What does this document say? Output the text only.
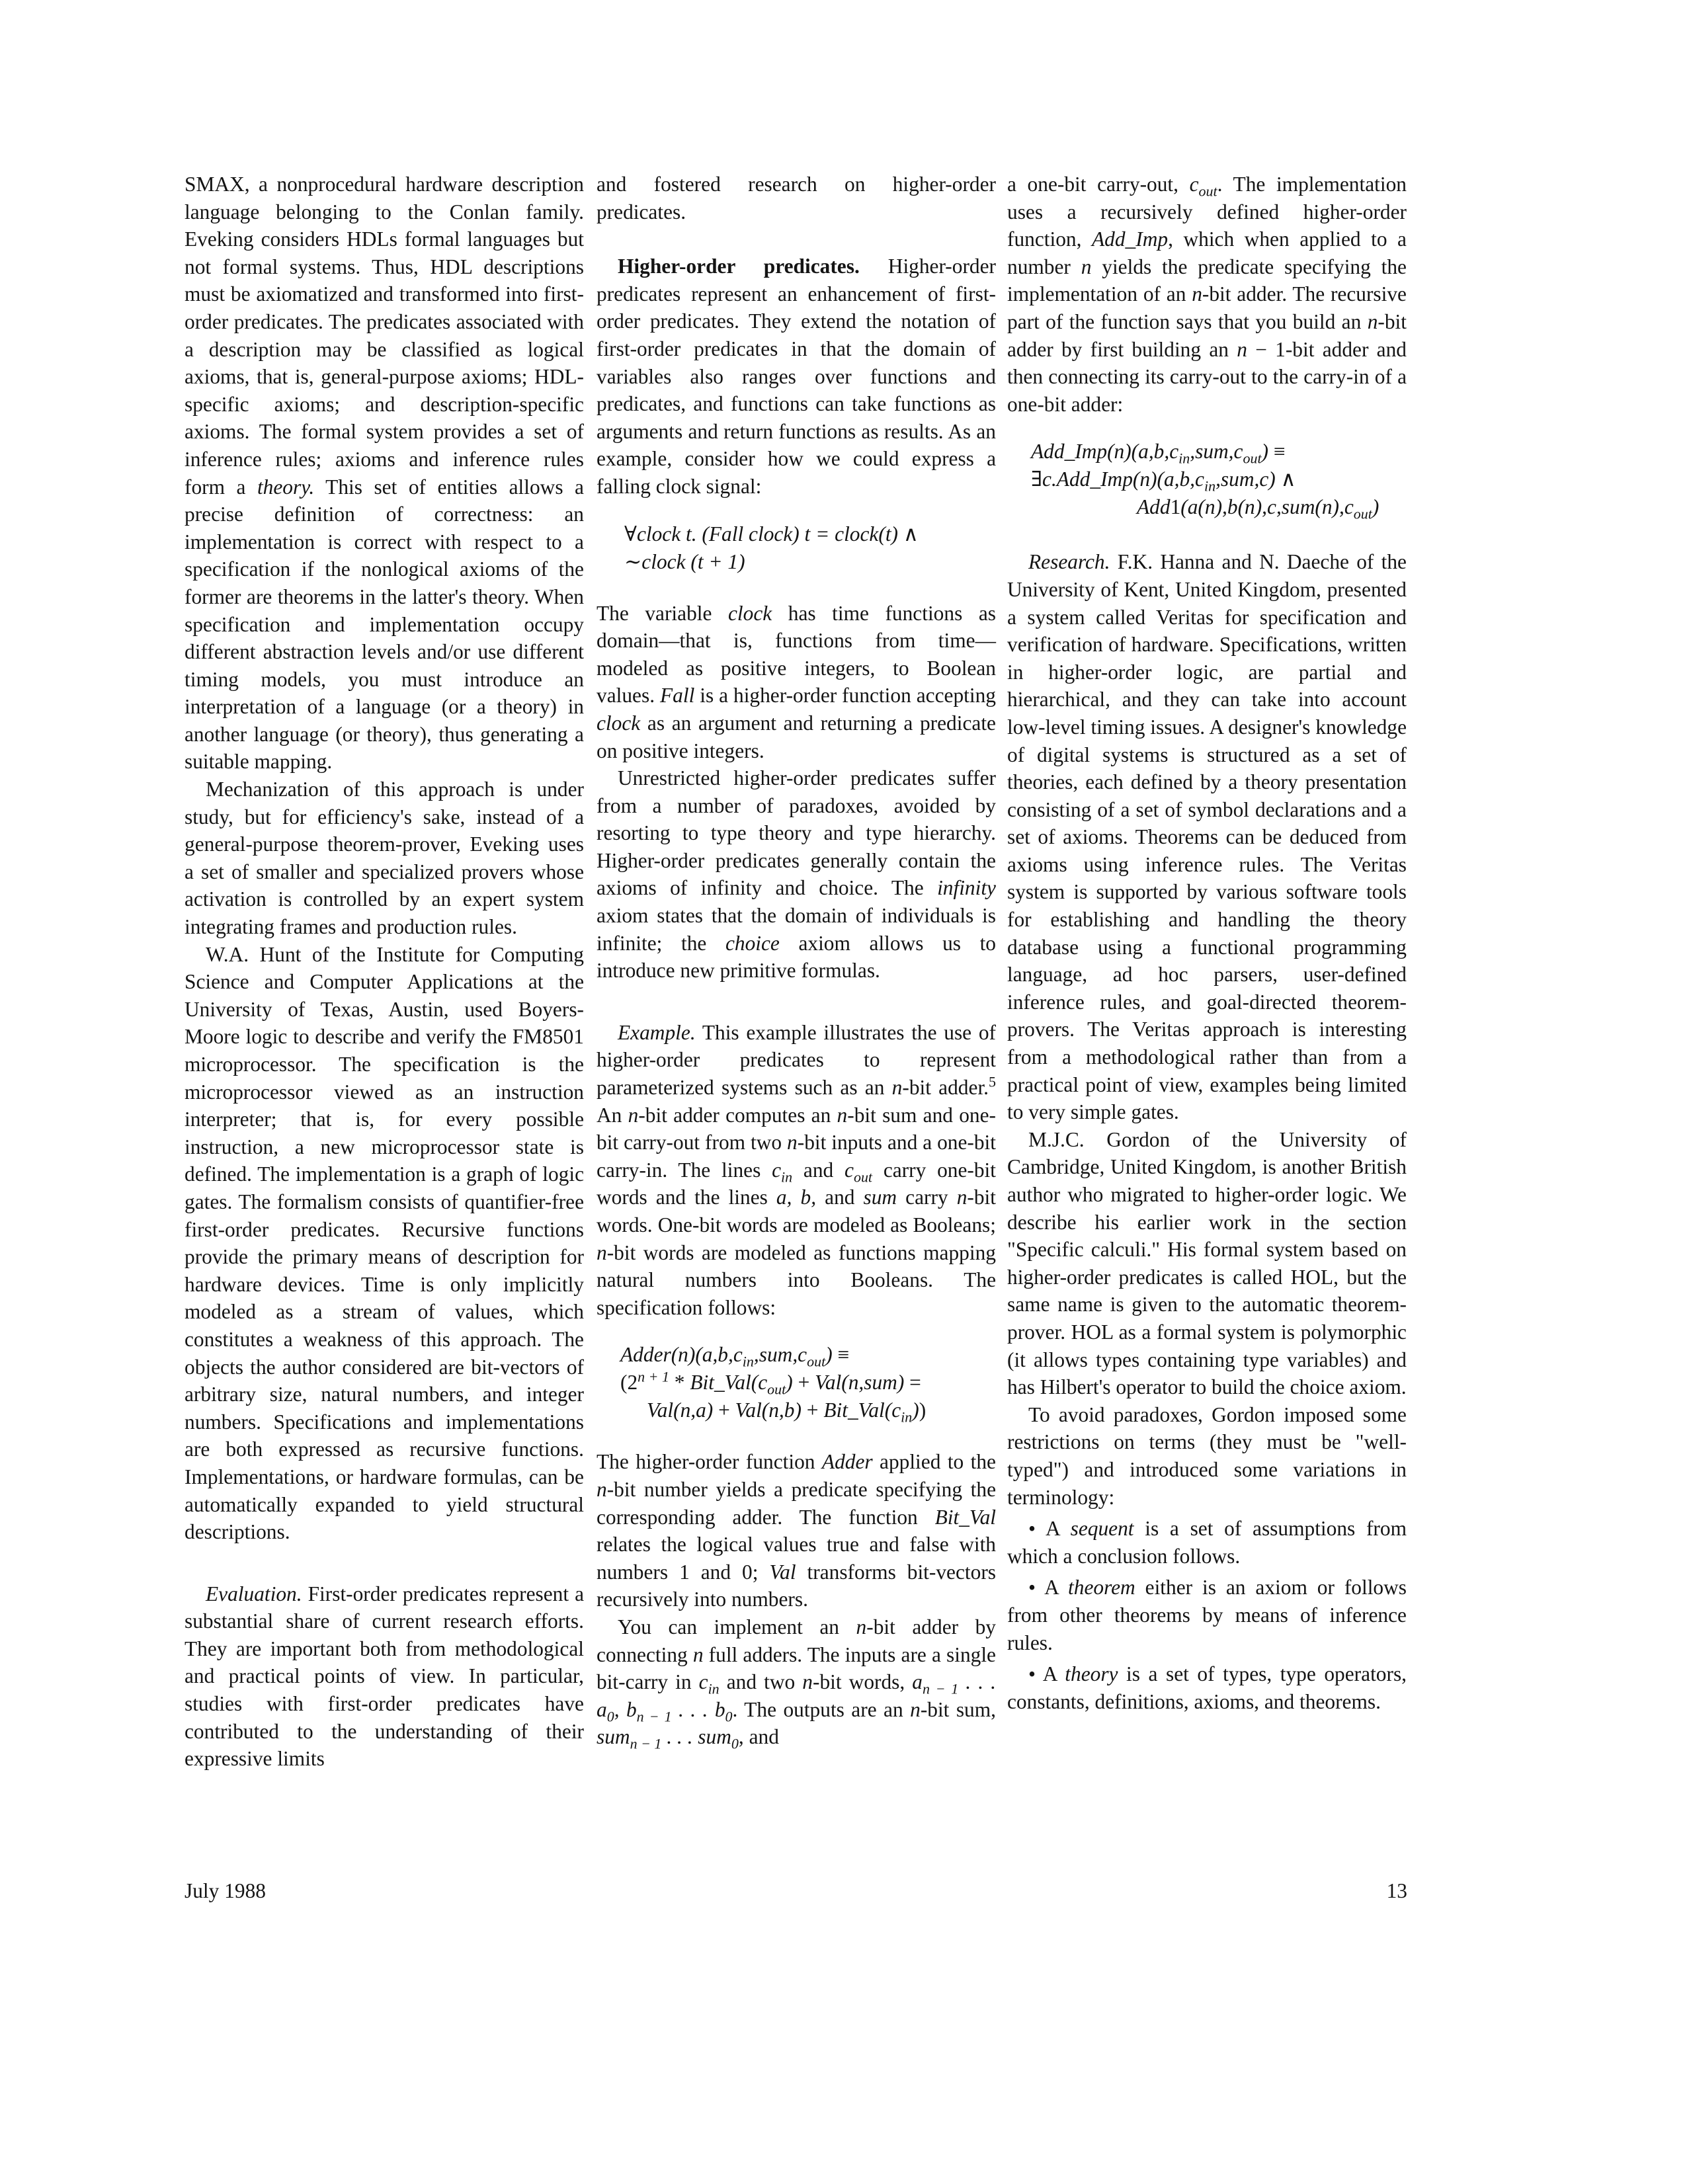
SMAX, a nonprocedural hardware description language belonging to the Conlan family. Eveking considers HDLs formal languages but not formal systems. Thus, HDL descriptions must be axiomatized and transformed into first-order predicates. The predicates associated with a description may be classified as logical axioms, that is, general-purpose axioms; HDL-specific axioms; and description-specific axioms. The formal system provides a set of inference rules; axioms and inference rules form a theory. This set of entities allows a precise definition of correctness: an implementation is correct with respect to a specification if the nonlogical axioms of the former are theorems in the latter's theory. When specification and implementation occupy different abstraction levels and/or use different timing models, you must introduce an interpretation of a language (or a theory) in another language (or theory), thus generating a suitable mapping.

Mechanization of this approach is under study, but for efficiency's sake, instead of a general-purpose theorem-prover, Eveking uses a set of smaller and specialized provers whose activation is controlled by an expert system integrating frames and production rules.

W.A. Hunt of the Institute for Computing Science and Computer Applications at the University of Texas, Austin, used Boyers-Moore logic to describe and verify the FM8501 microprocessor. The specification is the microprocessor viewed as an instruction interpreter; that is, for every possible instruction, a new microprocessor state is defined. The implementation is a graph of logic gates. The formalism consists of quantifier-free first-order predicates. Recursive functions provide the primary means of description for hardware devices. Time is only implicitly modeled as a stream of values, which constitutes a weakness of this approach. The objects the author considered are bit-vectors of arbitrary size, natural numbers, and integer numbers. Specifications and implementations are both expressed as recursive functions. Implementations, or hardware formulas, can be automatically expanded to yield structural descriptions.

Evaluation. First-order predicates represent a substantial share of current research efforts. They are important both from methodological and practical points of view. In particular, studies with first-order predicates have contributed to the understanding of their expressive limits

and fostered research on higher-order predicates.

Higher-order predicates. Higher-order predicates represent an enhancement of first-order predicates. They extend the notation of first-order predicates in that the domain of variables also ranges over functions and predicates, and functions can take functions as arguments and return functions as results. As an example, consider how we could express a falling clock signal:

∀clock t. (Fall clock) t = clock(t) ∧
∼clock (t + 1)

The variable clock has time functions as domain—that is, functions from time—modeled as positive integers, to Boolean values. Fall is a higher-order function accepting clock as an argument and returning a predicate on positive integers.

Unrestricted higher-order predicates suffer from a number of paradoxes, avoided by resorting to type theory and type hierarchy. Higher-order predicates generally contain the axioms of infinity and choice. The infinity axiom states that the domain of individuals is infinite; the choice axiom allows us to introduce new primitive formulas.

Example. This example illustrates the use of higher-order predicates to represent parameterized systems such as an n-bit adder.$^5$ An n-bit adder computes an n-bit sum and one-bit carry-out from two n-bit inputs and a one-bit carry-in. The lines $c_{in}$ and $c_{out}$ carry one-bit words and the lines a, b, and sum carry n-bit words. One-bit words are modeled as Booleans; n-bit words are modeled as functions mapping natural numbers into Booleans. The specification follows:

$Adder(n)(a,b,c_{in},sum,c_{out})$ ≡
($2^{n + 1}$ * $Bit\_Val(c_{out}) + Val(n,sum)$ =
$Val(n,a) + Val(n,b) + Bit\_Val(c_{in})$)

The higher-order function Adder applied to the n-bit number yields a predicate specifying the corresponding adder. The function Bit_Val relates the logical values true and false with numbers 1 and 0; Val transforms bit-vectors recursively into numbers.

You can implement an n-bit adder by connecting n full adders. The inputs are a single bit-carry in $c_{in}$ and two n-bit words, $a_{n - 1}$ . . . $a_0$, $b_{n - 1}$ . . . $b_0$. The outputs are an n-bit sum, sum$_{n - 1}$ . . . sum$_0$, and

a one-bit carry-out, $c_{out}$. The implementation uses a recursively defined higher-order function, Add_Imp, which when applied to a number n yields the predicate specifying the implementation of an n-bit adder. The recursive part of the function says that you build an n-bit adder by first building an n − 1-bit adder and then connecting its carry-out to the carry-in of a one-bit adder:

$Add\_Imp(n)(a,b,c_{in},sum,c_{out})$ ≡
$\exists c.Add\_Imp(n)(a,b,c_{in},sum,c)$ ∧
$Add1(a(n),b(n),c,sum(n),c_{out})$

Research. F.K. Hanna and N. Daeche of the University of Kent, United Kingdom, presented a system called Veritas for specification and verification of hardware. Specifications, written in higher-order logic, are partial and hierarchical, and they can take into account low-level timing issues. A designer's knowledge of digital systems is structured as a set of theories, each defined by a theory presentation consisting of a set of symbol declarations and a set of axioms. Theorems can be deduced from axioms using inference rules. The Veritas system is supported by various software tools for establishing and handling the theory database using a functional programming language, ad hoc parsers, user-defined inference rules, and goal-directed theorem-provers. The Veritas approach is interesting from a methodological rather than from a practical point of view, examples being limited to very simple gates.

M.J.C. Gordon of the University of Cambridge, United Kingdom, is another British author who migrated to higher-order logic. We describe his earlier work in the section "Specific calculi." His formal system based on higher-order predicates is called HOL, but the same name is given to the automatic theorem-prover. HOL as a formal system is polymorphic (it allows types containing type variables) and has Hilbert's operator to build the choice axiom.

To avoid paradoxes, Gordon imposed some restrictions on terms (they must be "well-typed") and introduced some variations in terminology:

• A sequent is a set of assumptions from which a conclusion follows.

• A theorem either is an axiom or follows from other theorems by means of inference rules.

• A theory is a set of types, type operators, constants, definitions, axioms, and theorems.

July 1988	13
